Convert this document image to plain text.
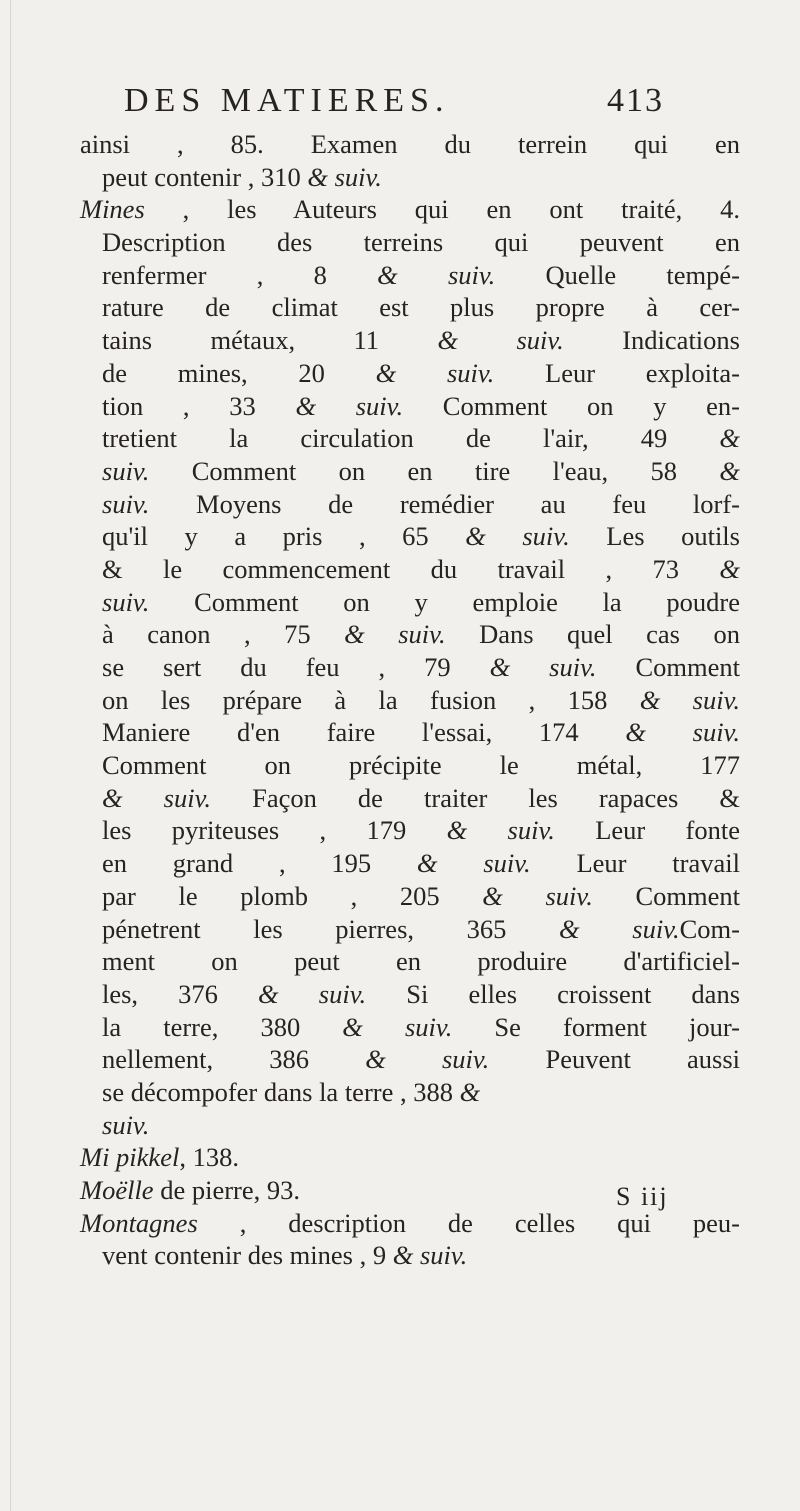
DES MATIERES.	413
ainsi , 85. Examen du terrein qui en
peut contenir , 310 & suiv.
Mines , les Auteurs qui en ont traité, 4.
Description des terreins qui peuvent en
renfermer , 8 & suiv. Quelle tempé-
rature de climat est plus propre à cer-
tains métaux, 11 & suiv. Indications
de mines, 20 & suiv. Leur exploita-
tion , 33 & suiv. Comment on y en-
tretient la circulation de l'air, 49 &
suiv. Comment on en tire l'eau, 58 &
suiv. Moyens de remédier au feu lorf-
qu'il y a pris , 65 & suiv. Les outils
& le commencement du travail , 73 &
suiv. Comment on y emploie la poudre
à canon , 75 & suiv. Dans quel cas on
se sert du feu , 79 & suiv. Comment
on les prépare à la fusion , 158 & suiv.
Maniere d'en faire l'essai, 174 & suiv.
Comment on précipite le métal, 177
& suiv. Façon de traiter les rapaces &
les pyriteuses , 179 & suiv. Leur fonte
en grand , 195 & suiv. Leur travail
par le plomb , 205 & suiv. Comment
pénetrent les pierres, 365 & suiv.Com-
ment on peut en produire d'artificiel-
les, 376 & suiv. Si elles croissent dans
la terre, 380 & suiv. Se forment jour-
nellement, 386 & suiv. Peuvent aussi
se décompofer dans la terre , 388 &
suiv.
Mi pikkel, 138.
Moëlle de pierre, 93.
Montagnes , description de celles qui peu-
vent contenir des mines , 9 & suiv.
S iij
